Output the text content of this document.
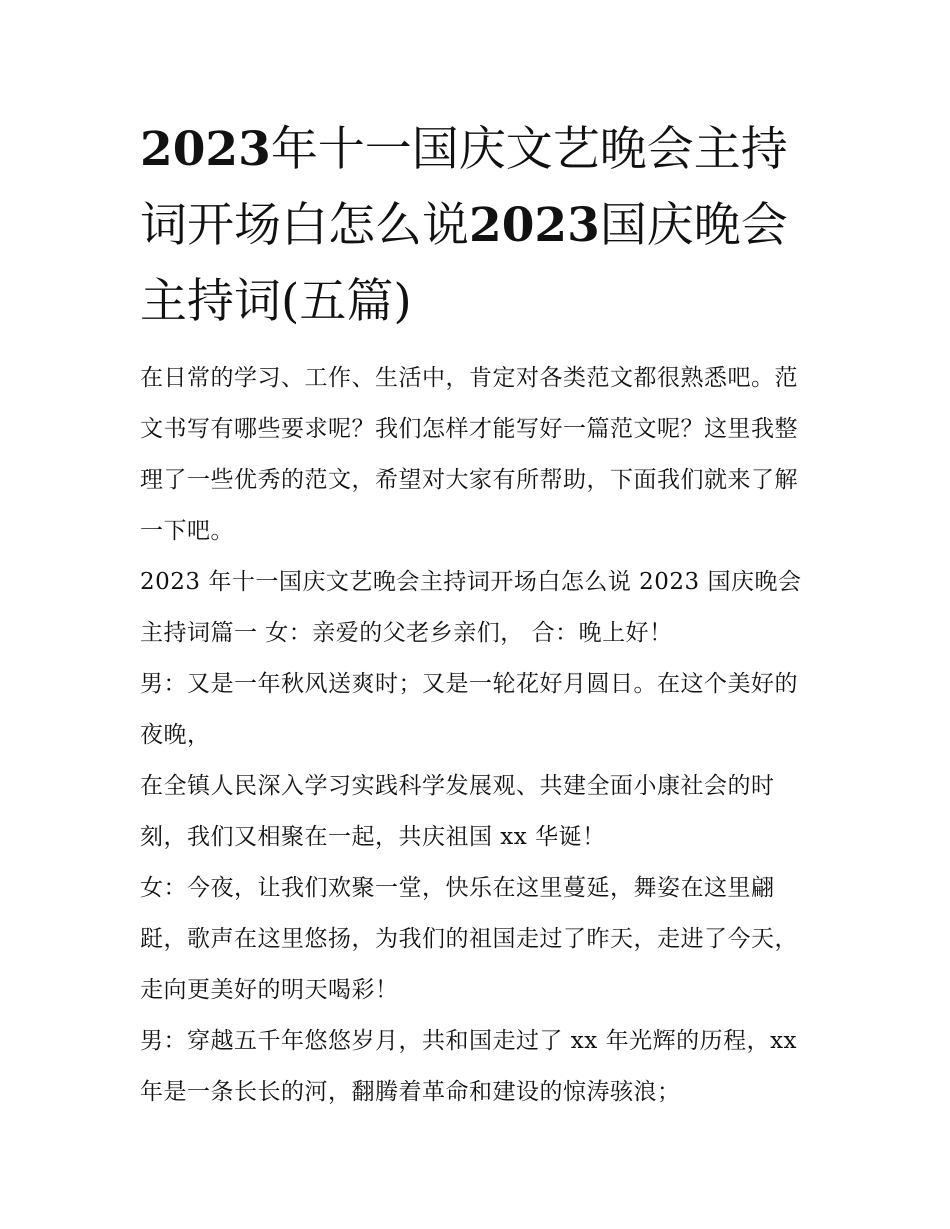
2023年十一国庆文艺晚会主持词开场白怎么说2023国庆晚会主持词(五篇)

在日常的学习、工作、生活中，肯定对各类范文都很熟悉吧。范文书写有哪些要求呢？我们怎样才能写好一篇范文呢？这里我整理了一些优秀的范文，希望对大家有所帮助，下面我们就来了解一下吧。

2023 年十一国庆文艺晚会主持词开场白怎么说 2023 国庆晚会主持词篇一 女：亲爱的父老乡亲们， 合：晚上好！

男：又是一年秋风送爽时；又是一轮花好月圆日。在这个美好的夜晚，

在全镇人民深入学习实践科学发展观、共建全面小康社会的时刻，我们又相聚在一起，共庆祖国 xx 华诞！

女：今夜，让我们欢聚一堂，快乐在这里蔓延，舞姿在这里翩跹，歌声在这里悠扬，为我们的祖国走过了昨天，走进了今天，走向更美好的明天喝彩！

男：穿越五千年悠悠岁月，共和国走过了 xx 年光辉的历程，xx 年是一条长长的河，翻腾着革命和建设的惊涛骇浪；
